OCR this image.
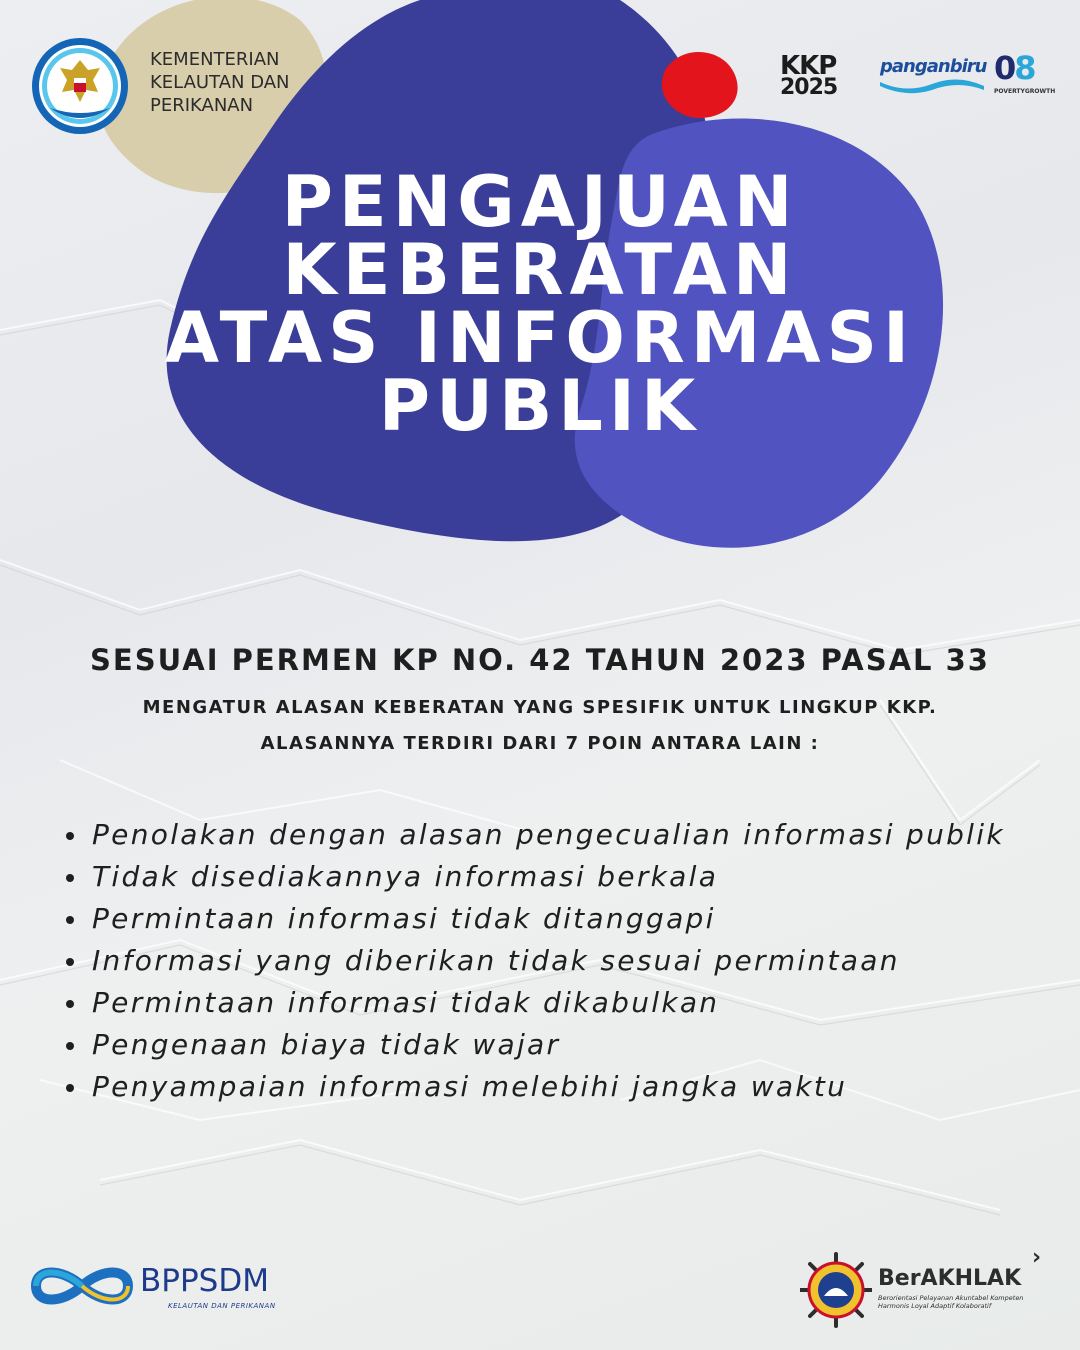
KEMENTERIAN
KELAUTAN DAN
PERIKANAN
KKP
2025
panganbiru 08
POVERTY GROWTH
PENGAJUAN
KEBERATAN
ATAS INFORMASI
PUBLIK
SESUAI PERMEN KP NO. 42 TAHUN 2023 PASAL 33
MENGATUR ALASAN KEBERATAN YANG SPESIFIK UNTUK LINGKUP KKP.
ALASANNYA TERDIRI DARI 7 POIN ANTARA LAIN :
Penolakan dengan alasan pengecualian informasi publik
Tidak disediakannya informasi berkala
Permintaan informasi tidak ditanggapi
Informasi yang diberikan tidak sesuai permintaan
Permintaan informasi tidak dikabulkan
Pengenaan biaya tidak wajar
Penyampaian informasi melebihi jangka waktu
BPPSDM
KELAUTAN DAN PERIKANAN
BerAKHLAK
›
Berorientasi Pelayanan Akuntabel Kompeten
Harmonis Loyal Adaptif Kolaboratif
